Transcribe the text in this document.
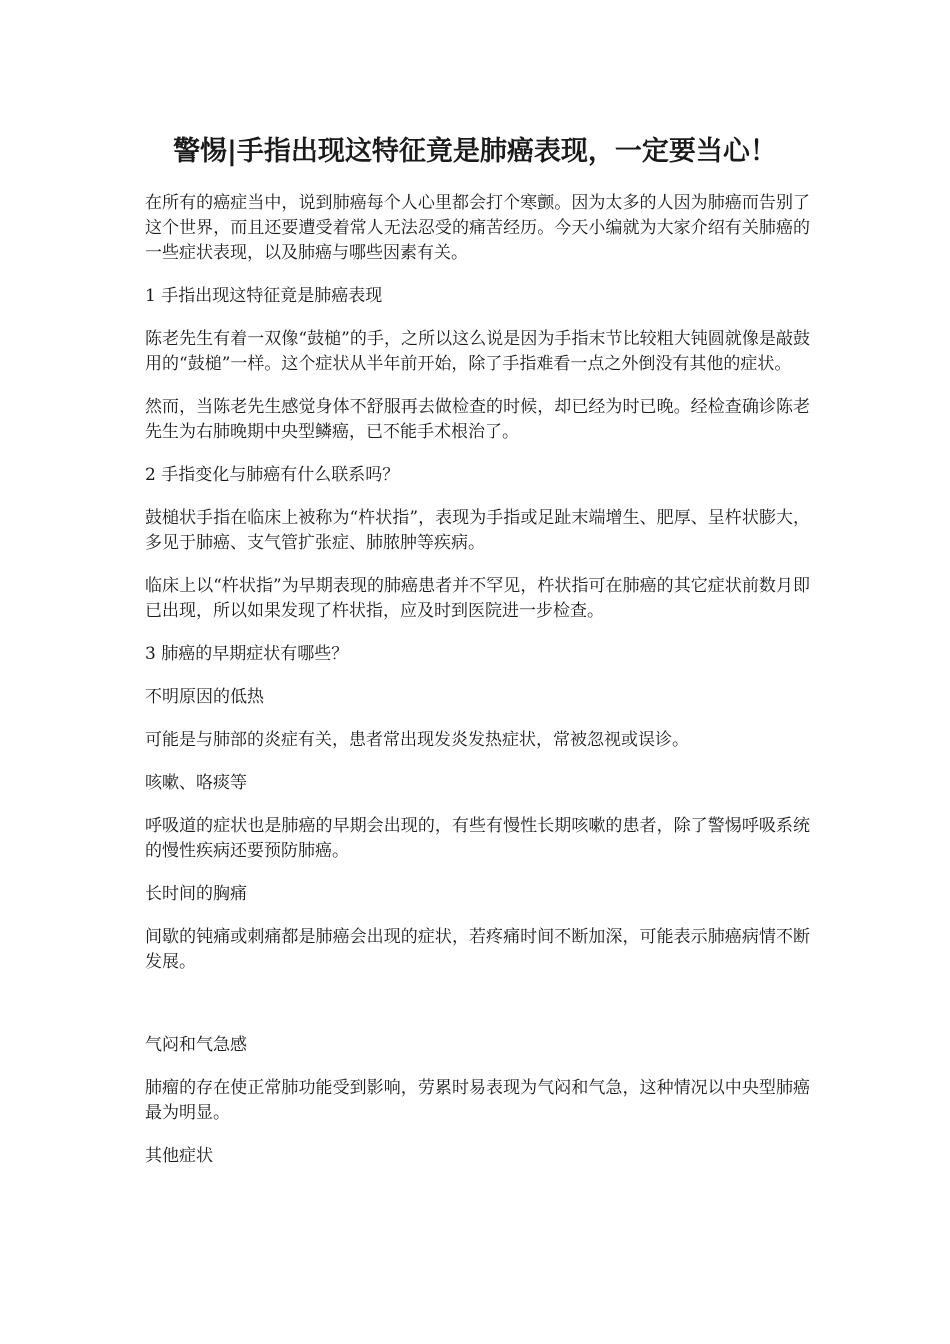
警惕|手指出现这特征竟是肺癌表现，一定要当心！

在所有的癌症当中，说到肺癌每个人心里都会打个寒颤。因为太多的人因为肺癌而告别了这个世界，而且还要遭受着常人无法忍受的痛苦经历。今天小编就为大家介绍有关肺癌的一些症状表现，以及肺癌与哪些因素有关。

1 手指出现这特征竟是肺癌表现

陈老先生有着一双像“鼓槌”的手，之所以这么说是因为手指末节比较粗大钝圆就像是敲鼓用的“鼓槌”一样。这个症状从半年前开始，除了手指难看一点之外倒没有其他的症状。

然而，当陈老先生感觉身体不舒服再去做检查的时候，却已经为时已晚。经检查确诊陈老先生为右肺晚期中央型鳞癌，已不能手术根治了。

2 手指变化与肺癌有什么联系吗？

鼓槌状手指在临床上被称为“杵状指”，表现为手指或足趾末端增生、肥厚、呈杵状膨大，多见于肺癌、支气管扩张症、肺脓肿等疾病。

临床上以“杵状指”为早期表现的肺癌患者并不罕见，杵状指可在肺癌的其它症状前数月即已出现，所以如果发现了杵状指，应及时到医院进一步检查。

3 肺癌的早期症状有哪些？

不明原因的低热

可能是与肺部的炎症有关，患者常出现发炎发热症状，常被忽视或误诊。

咳嗽、咯痰等

呼吸道的症状也是肺癌的早期会出现的，有些有慢性长期咳嗽的患者，除了警惕呼吸系统的慢性疾病还要预防肺癌。

长时间的胸痛

间歇的钝痛或刺痛都是肺癌会出现的症状，若疼痛时间不断加深，可能表示肺癌病情不断发展。

气闷和气急感

肺瘤的存在使正常肺功能受到影响，劳累时易表现为气闷和气急，这种情况以中央型肺癌最为明显。

其他症状
